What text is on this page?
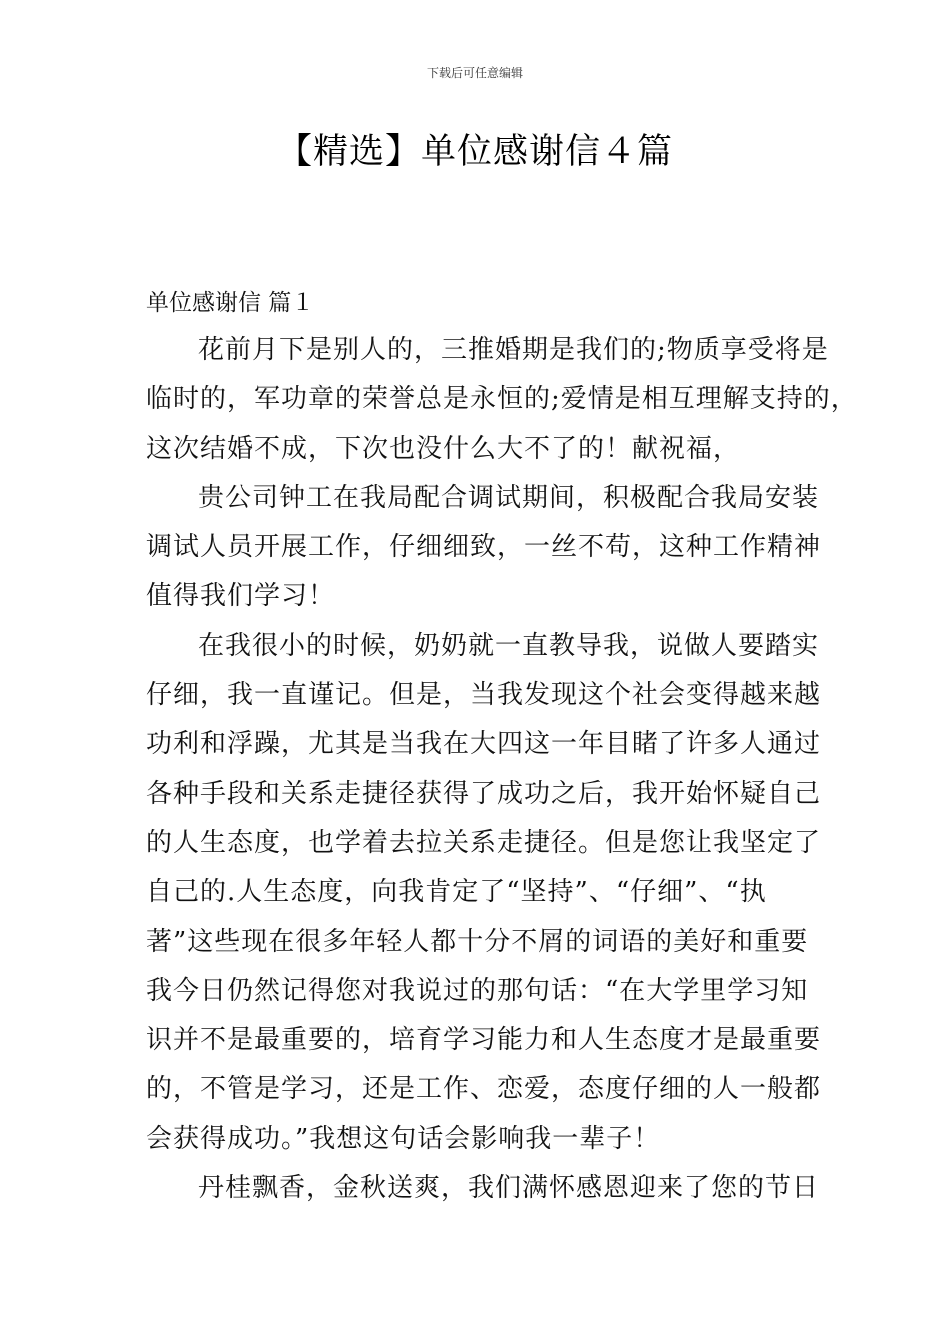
下载后可任意编辑
【精选】单位感谢信４篇
单位感谢信 篇１
花前月下是别人的，三推婚期是我们的;物质享受将是
临时的，军功章的荣誉总是永恒的;爱情是相互理解支持的，
这次结婚不成，下次也没什么大不了的！献祝福，
贵公司钟工在我局配合调试期间，积极配合我局安装
调试人员开展工作，仔细细致，一丝不苟，这种工作精神
值得我们学习！
在我很小的时候，奶奶就一直教导我，说做人要踏实
仔细，我一直谨记。但是，当我发现这个社会变得越来越
功利和浮躁，尤其是当我在大四这一年目睹了许多人通过
各种手段和关系走捷径获得了成功之后，我开始怀疑自己
的人生态度，也学着去拉关系走捷径。但是您让我坚定了
自己的.人生态度，向我肯定了“坚持”、“仔细”、“执
著”这些现在很多年轻人都十分不屑的词语的美好和重要
我今日仍然记得您对我说过的那句话：“在大学里学习知
识并不是最重要的，培育学习能力和人生态度才是最重要
的，不管是学习，还是工作、恋爱，态度仔细的人一般都
会获得成功。”我想这句话会影响我一辈子！
丹桂飘香，金秋送爽，我们满怀感恩迎来了您的节日
